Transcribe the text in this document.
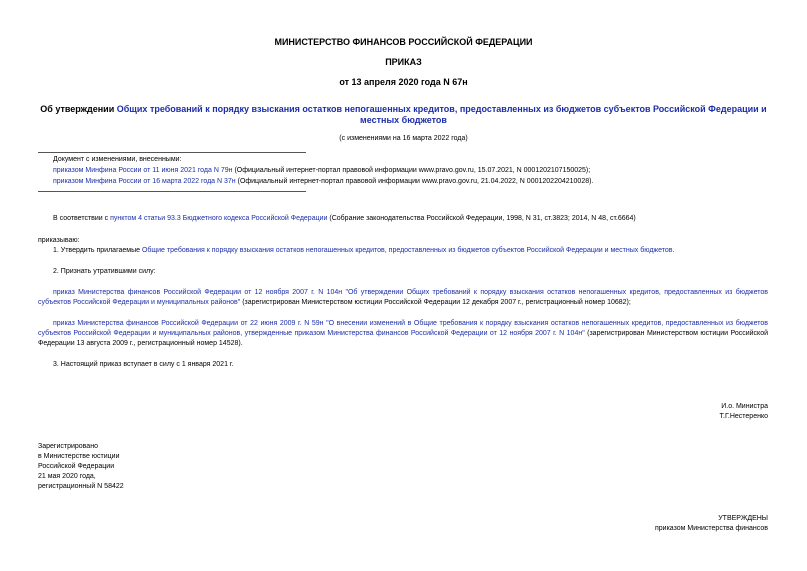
МИНИСТЕРСТВО ФИНАНСОВ РОССИЙСКОЙ ФЕДЕРАЦИИ
ПРИКАЗ
от 13 апреля 2020 года N 67н
Об утверждении Общих требований к порядку взыскания остатков непогашенных кредитов, предоставленных из бюджетов субъектов Российской Федерации и местных бюджетов
(с изменениями на 16 марта 2022 года)
Документ с изменениями, внесенными:
приказом Минфина России от 11 июня 2021 года N 79н (Официальный интернет-портал правовой информации www.pravo.gov.ru, 15.07.2021, N 0001202107150025);
приказом Минфина России от 16 марта 2022 года N 37н (Официальный интернет-портал правовой информации www.pravo.gov.ru, 21.04.2022, N 0001202204210028).
В соответствии с пунктом 4 статьи 93.3 Бюджетного кодекса Российской Федерации (Собрание законодательства Российской Федерации, 1998, N 31, ст.3823; 2014, N 48, ст.6664)
приказываю:
1. Утвердить прилагаемые Общие требования к порядку взыскания остатков непогашенных кредитов, предоставленных из бюджетов субъектов Российской Федерации и местных бюджетов.
2. Признать утратившими силу:
приказ Министерства финансов Российской Федерации от 12 ноября 2007 г. N 104н "Об утверждении Общих требований к порядку взыскания остатков непогашенных кредитов, предоставленных из бюджетов субъектов Российской Федерации и муниципальных районов" (зарегистрирован Министерством юстиции Российской Федерации 12 декабря 2007 г., регистрационный номер 10682);
приказ Министерства финансов Российской Федерации от 22 июня 2009 г. N 59н "О внесении изменений в Общие требования к порядку взыскания остатков непогашенных кредитов, предоставленных из бюджетов субъектов Российской Федерации и муниципальных районов, утвержденные приказом Министерства финансов Российской Федерации от 12 ноября 2007 г. N 104н" (зарегистрирован Министерством юстиции Российской Федерации 13 августа 2009 г., регистрационный номер 14528).
3. Настоящий приказ вступает в силу с 1 января 2021 г.
И.о. Министра
Т.Г.Нестеренко
Зарегистрировано
в Министерстве юстиции
Российской Федерации
21 мая 2020 года,
регистрационный N 58422
УТВЕРЖДЕНЫ
приказом Министерства финансов
